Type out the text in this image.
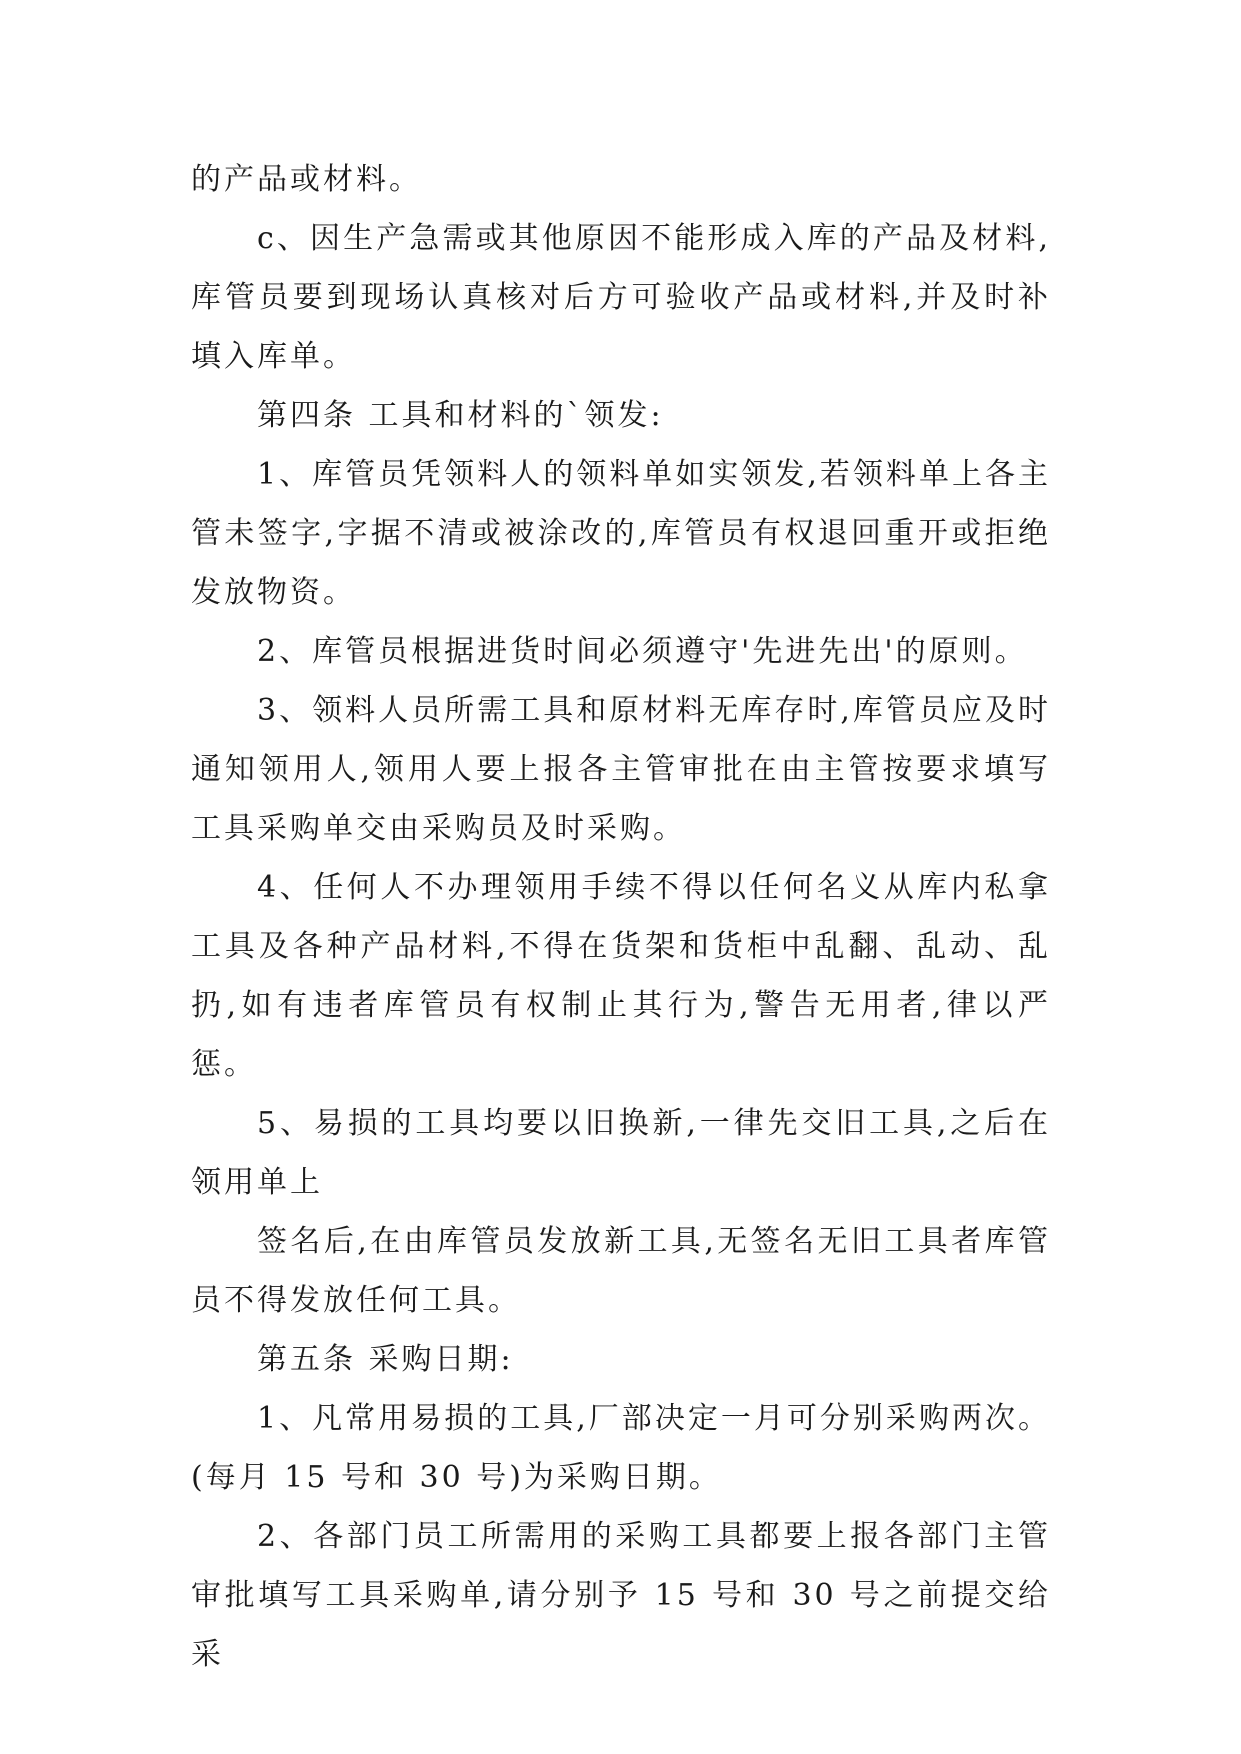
的产品或材料。

c、因生产急需或其他原因不能形成入库的产品及材料,库管员要到现场认真核对后方可验收产品或材料,并及时补填入库单。

第四条 工具和材料的`领发:

1、库管员凭领料人的领料单如实领发,若领料单上各主管未签字,字据不清或被涂改的,库管员有权退回重开或拒绝发放物资。

2、库管员根据进货时间必须遵守'先进先出'的原则。

3、领料人员所需工具和原材料无库存时,库管员应及时通知领用人,领用人要上报各主管审批在由主管按要求填写工具采购单交由采购员及时采购。

4、任何人不办理领用手续不得以任何名义从库内私拿工具及各种产品材料,不得在货架和货柜中乱翻、乱动、乱扔,如有违者库管员有权制止其行为,警告无用者,律以严惩。

5、易损的工具均要以旧换新,一律先交旧工具,之后在领用单上

签名后,在由库管员发放新工具,无签名无旧工具者库管员不得发放任何工具。

第五条 采购日期:

1、凡常用易损的工具,厂部决定一月可分别采购两次。(每月 15 号和 30 号)为采购日期。

2、各部门员工所需用的采购工具都要上报各部门主管审批填写工具采购单,请分别予 15 号和 30 号之前提交给采
